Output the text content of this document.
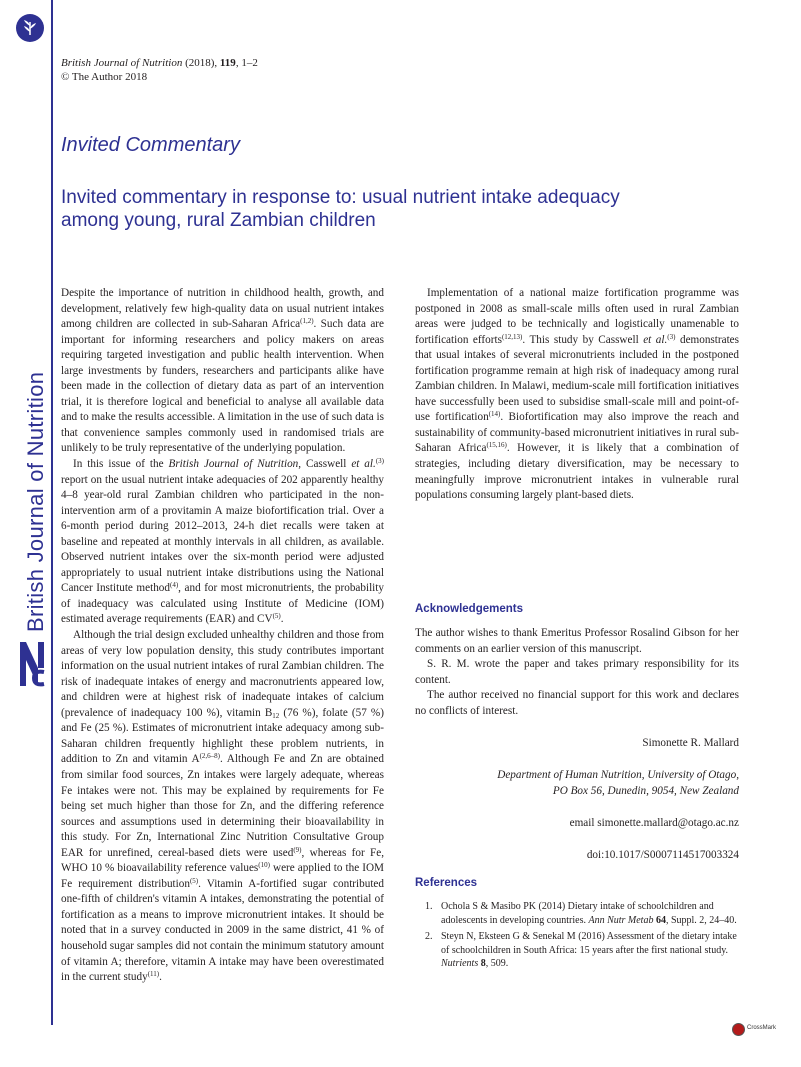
British Journal of Nutrition
British Journal of Nutrition (2018), 119, 1–2
© The Author 2018
Invited Commentary
Invited commentary in response to: usual nutrient intake adequacy
among young, rural Zambian children

Despite the importance of nutrition in childhood health, growth, and development, relatively few high-quality data on usual nutrient intakes among children are collected in sub-Saharan Africa$^{(1,2)}$. Such data are important for informing researchers and policy makers on areas requiring targeted investigation and public health intervention. When large investments by funders, researchers and participants alike have been made in the collection of dietary data as part of an intervention trial, it is therefore logical and beneficial to analyse all available data and to make the results accessible. A limitation in the use of such data is that convenience samples commonly used in randomised trials are unlikely to be truly representative of the underlying population.

In this issue of the British Journal of Nutrition, Casswell et al.$^{(3)}$ report on the usual nutrient intake adequacies of 202 apparently healthy 4–8 year-old rural Zambian children who participated in the non-intervention arm of a provitamin A maize biofortification trial. Over a 6-month period during 2012–2013, 24-h diet recalls were taken at baseline and repeated at monthly intervals in all children, as available. Observed nutrient intakes over the six-month period were adjusted appropriately to usual nutrient intake distributions using the National Cancer Institute method$^{(4)}$, and for most micronutrients, the probability of inadequacy was calculated using Institute of Medicine (IOM) estimated average requirements (EAR) and CV$^{(5)}$.

Although the trial design excluded unhealthy children and those from areas of very low population density, this study contributes important information on the usual nutrient intakes of rural Zambian children. The risk of inadequate intakes of energy and macronutrients appeared low, and children were at highest risk of inadequate intakes of calcium (prevalence of inadequacy 100 %), vitamin $B_{12}$ (76 %), folate (57 %) and Fe (25 %). Estimates of micronutrient intake adequacy among sub-Saharan children frequently highlight these problem nutrients, in addition to Zn and vitamin A$^{(2,6-8)}$. Although Fe and Zn are obtained from similar food sources, Zn intakes were largely adequate, whereas Fe intakes were not. This may be explained by requirements for Fe being set much higher than those for Zn, and the differing reference sources and assumptions used in determining their bioavailability in this study. For Zn, International Zinc Nutrition Consultative Group EAR for unrefined, cereal-based diets were used$^{(9)}$, whereas for Fe, WHO 10 % bioavailability reference values$^{(10)}$ were applied to the IOM Fe requirement distribution$^{(5)}$. Vitamin A-fortified sugar contributed one-fifth of children's vitamin A intakes, demonstrating the potential of fortification as a means to improve micronutrient intakes. It should be noted that in a survey conducted in 2009 in the same district, 41 % of household sugar samples did not contain the minimum statutory amount of vitamin A; therefore, vitamin A intake may have been overestimated in the current study$^{(11)}$.

Implementation of a national maize fortification programme was postponed in 2008 as small-scale mills often used in rural Zambian areas were judged to be technically and logistically unamenable to fortification efforts$^{(12,13)}$. This study by Casswell et al.$^{(3)}$ demonstrates that usual intakes of several micronutrients included in the postponed fortification programme remain at high risk of inadequacy among rural Zambian children. In Malawi, medium-scale mill fortification initiatives have successfully been used to subsidise small-scale mill and point-of-use fortification$^{(14)}$. Biofortification may also improve the reach and sustainability of community-based micronutrient initiatives in rural sub-Saharan Africa$^{(15,16)}$. However, it is likely that a combination of strategies, including dietary diversification, may be necessary to meaningfully improve micronutrient intakes in vulnerable rural populations consuming largely plant-based diets.

Acknowledgements

The author wishes to thank Emeritus Professor Rosalind Gibson for her comments on an earlier version of this manuscript.

S. R. M. wrote the paper and takes primary responsibility for its content.

The author received no financial support for this work and declares no conflicts of interest.

Simonette R. Mallard
Department of Human Nutrition, University of Otago,
PO Box 56, Dunedin, 9054, New Zealand
email simonette.mallard@otago.ac.nz
doi:10.1017/S0007114517003324
References
1. Ochola S & Masibo PK (2014) Dietary intake of schoolchildren and adolescents in developing countries. Ann Nutr Metab 64, Suppl. 2, 24–40.
2. Steyn N, Eksteen G & Senekal M (2016) Assessment of the dietary intake of schoolchildren in South Africa: 15 years after the first national study. Nutrients 8, 509.
CrossMark
